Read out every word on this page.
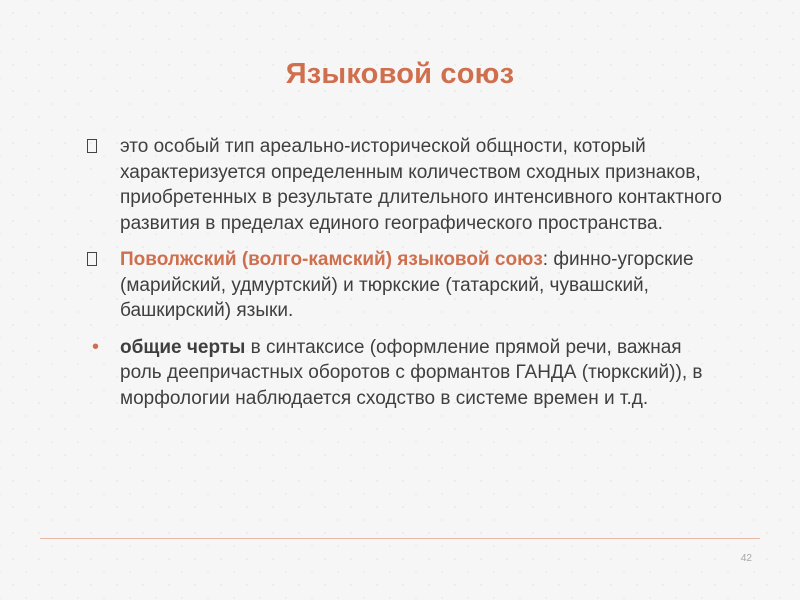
Языковой союз
это особый тип ареально-исторической общности, который характеризуется определенным количеством сходных признаков, приобретенных в результате длительного интенсивного контактного развития в пределах единого географического пространства.
Поволжский (волго-камский) языковой союз: финно-угорские (марийский, удмуртский) и тюркские (татарский, чувашский, башкирский) языки.
• общие черты в синтаксисе (оформление прямой речи, важная роль деепричастных оборотов с формантов ГАНДА (тюркский)), в морфологии наблюдается сходство в системе времен и т.д.
42
